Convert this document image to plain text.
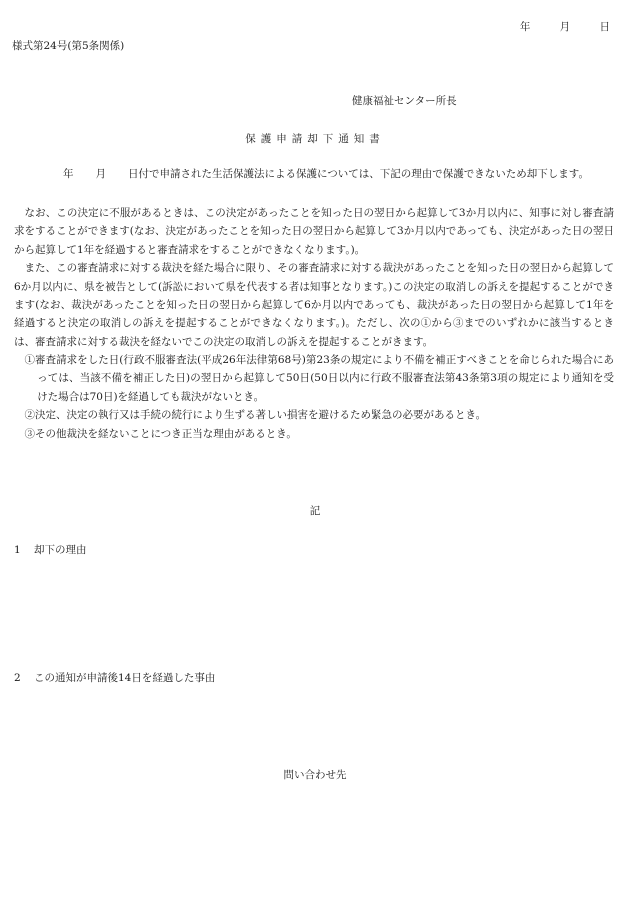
年	月	日
様式第24号(第5条関係)
健康福祉センター所長
保護申請却下通知書
年 月 日付で申請された生活保護法による保護については、下記の理由で保護できないため却下します。

なお、この決定に不服があるときは、この決定があったことを知った日の翌日から起算して3か月以内に、知事に対し審査請求をすることができます(なお、決定があったことを知った日の翌日から起算して3か月以内であっても、決定があった日の翌日から起算して1年を経過すると審査請求をすることができなくなります。)。

また、この審査請求に対する裁決を経た場合に限り、その審査請求に対する裁決があったことを知った日の翌日から起算して6か月以内に、県を被告として(訴訟において県を代表する者は知事となります。)この決定の取消しの訴えを提起することができます(なお、裁決があったことを知った日の翌日から起算して6か月以内であっても、裁決があった日の翌日から起算して1年を経過すると決定の取消しの訴えを提起することができなくなります。)。ただし、次の①から③までのいずれかに該当するときは、審査請求に対する裁決を経ないでこの決定の取消しの訴えを提起することがきます。

①審査請求をした日(行政不服審査法(平成26年法律第68号)第23条の規定により不備を補正すべきことを命じられた場合にあっては、当該不備を補正した日)の翌日から起算して50日(50日以内に行政不服審査法第43条第3項の規定により通知を受けた場合は70日)を経過しても裁決がないとき。

②決定、決定の執行又は手続の続行により生ずる著しい損害を避けるため緊急の必要があるとき。

③その他裁決を経ないことにつき正当な理由があるとき。

記
1 却下の理由
2 この通知が申請後14日を経過した事由
問い合わせ先
